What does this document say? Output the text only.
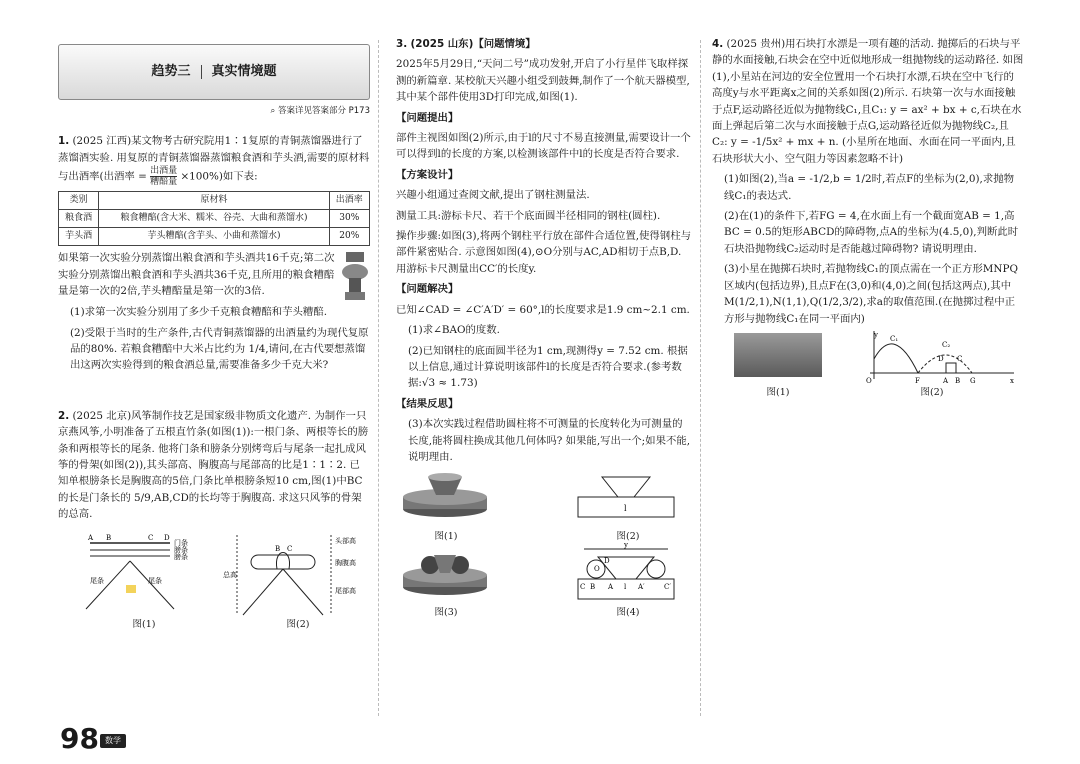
趋势三 真实情境题
⌕ 答案详见答案部分 P173
1. (2025 江西)某文物考古研究院用1∶1复原的青铜蒸馏器进行了蒸馏酒实验. 用复原的青铜蒸馏器蒸馏粮食酒和芋头酒,需要的原材料与出酒率(出酒率 = $\frac{\text{出酒量}}{\text{糟醅量}} \times 100\%$)如下表:
类别	原材料	出酒率
粮食酒	粮食糟醅(含大米、糯米、谷壳、大曲和蒸馏水)	30%
芋头酒	芋头糟醅(含芋头、小曲和蒸馏水)	20%
如果第一次实验分别蒸馏出粮食酒和芋头酒共16千克;第二次实验分别蒸馏出粮食酒和芋头酒共36千克,且所用的粮食糟醅量是第一次的2倍,芋头糟醅量是第一次的3倍.
(1)求第一次实验分别用了多少千克粮食糟醅和芋头糟醅.
(2)受限于当时的生产条件,古代青铜蒸馏器的出酒量约为现代复原品的80%. 若粮食糟醅中大米占比约为 1/4,请问,在古代要想蒸馏出这两次实验得到的粮食酒总量,需要准备多少千克大米?
2. (2025 北京)风筝制作技艺是国家级非物质文化遗产. 为制作一只京燕风筝,小明准备了五根直竹条(如图(1)):一根门条、两根等长的膀条和两根等长的尾条. 他将门条和膀条分别烤弯后与尾条一起扎成风筝的骨架(如图(2)),其头部高、胸腹高与尾部高的比是1∶1∶2. 已知单根膀条长是胸腹高的5倍,门条比单根膀条短10 cm,图(1)中BC的长是门条长的 5/9,AB,CD的长均等于胸腹高. 求这只风筝的骨架的总高.
A B	C D
门条
膀条
膀条
尾条	尾条
图(1)
头部高
胸腹高
尾部高
总高
B C
图(2)
3. (2025 山东)【问题情境】
2025年5月29日,“天问二号”成功发射,开启了小行星伴飞取样探测的新篇章. 某校航天兴趣小组受到鼓舞,制作了一个航天器模型,其中某个部件使用3D打印完成,如图(1).
【问题提出】
部件主视图如图(2)所示,由于l的尺寸不易直接测量,需要设计一个可以得到l的长度的方案,以检测该部件中l的长度是否符合要求.
【方案设计】
兴趣小组通过查阅文献,提出了钢柱测量法.
测量工具:游标卡尺、若干个底面圆半径相同的钢柱(圆柱).
操作步骤:如图(3),将两个钢柱平行放在部件合适位置,使得钢柱与部件紧密贴合. 示意图如图(4),⊙O分别与AC,AD相切于点B,D. 用游标卡尺测量出CC′的长度y.
【问题解决】
已知∠CAD = ∠C′A′D′ = 60°,l的长度要求是1.9 cm~2.1 cm.
(1)求∠BAO的度数.
(2)已知钢柱的底面圆半径为1 cm,现测得y = 7.52 cm. 根据以上信息,通过计算说明该部件l的长度是否符合要求.(参考数据:√3 ≈ 1.73)
【结果反思】
(3)本次实践过程借助圆柱将不可测量的长度转化为可测量的长度,能将圆柱换成其他几何体吗? 如果能,写出一个;如果不能,说明理由.
图(1)
l
图(2)
图(3)
y
C B A l A′	C′
D
O
图(4)
4. (2025 贵州)用石块打水漂是一项有趣的活动. 抛掷后的石块与平静的水面接触,石块会在空中近似地形成一组抛物线的运动路径. 如图(1),小星站在河边的安全位置用一个石块打水漂,石块在空中飞行的高度y与水平距离x之间的关系如图(2)所示. 石块第一次与水面接触于点F,运动路径近似为抛物线C₁,且C₁: y = ax² + bx + c,石块在水面上弹起后第二次与水面接触于点G,运动路径近似为抛物线C₂,且C₂: y = -1/5x² + mx + n. (小星所在地面、水面在同一平面内,且石块形状大小、空气阻力等因素忽略不计)
(1)如图(2),当a = -1/2,b = 1/2时,若点F的坐标为(2,0),求抛物线C₁的表达式.
(2)在(1)的条件下,若FG = 4,在水面上有一个截面宽AB = 1,高BC = 0.5的矩形ABCD的障碍物,点A的坐标为(4.5,0),判断此时石块沿抛物线C₂运动时是否能越过障碍物? 请说明理由.
(3)小星在抛掷石块时,若抛物线C₁的顶点需在一个正方形MNPQ区域内(包括边界),且点F在(3,0)和(4,0)之间(包括这两点),其中M(1/2,1),N(1,1),Q(1/2,3/2),求a的取值范围.(在抛掷过程中正方形与抛物线C₁在同一平面内)
图(1)
y
x
O	F	A B G
C₁
C₂
D C
图(2)
98 数学
